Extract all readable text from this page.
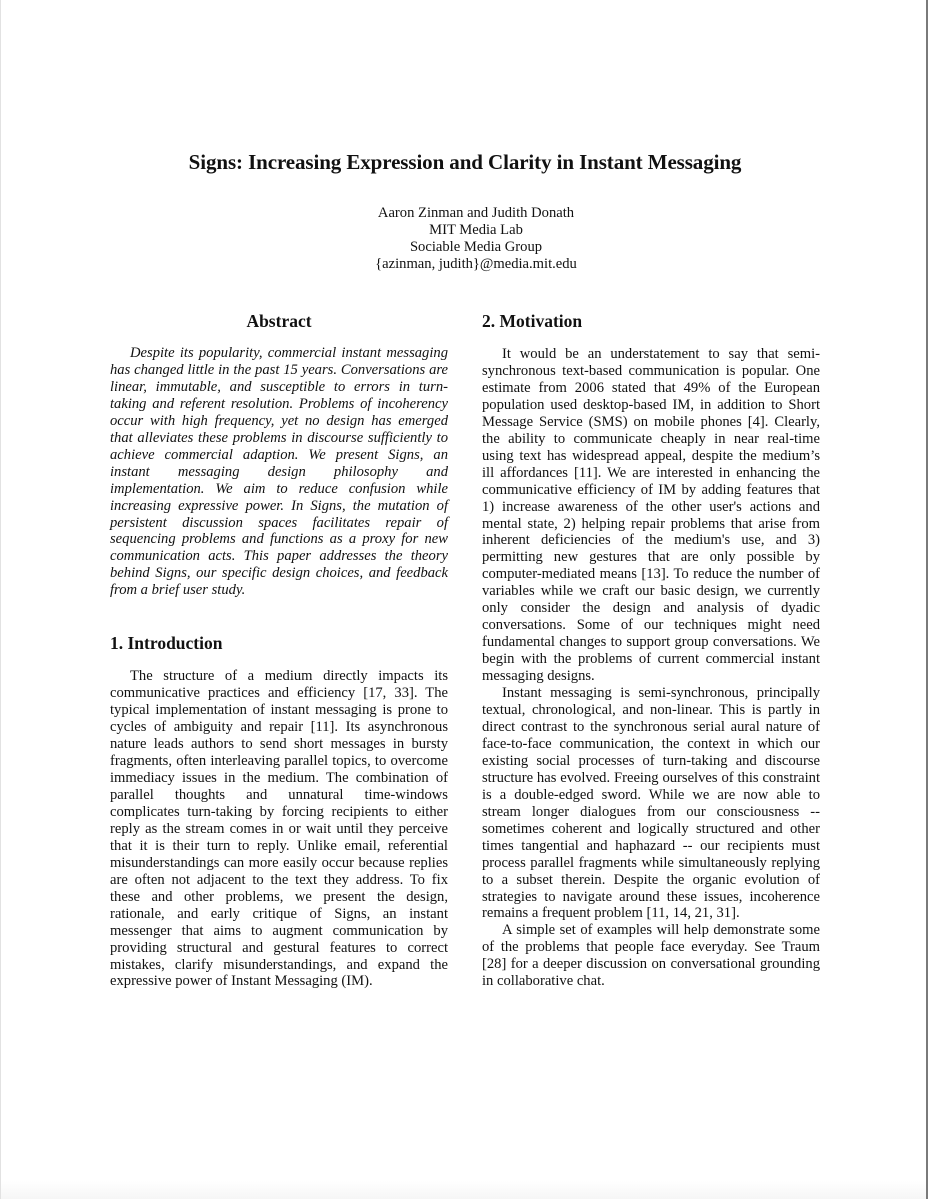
Signs: Increasing Expression and Clarity in Instant Messaging
Aaron Zinman and Judith Donath
MIT Media Lab
Sociable Media Group
{azinman, judith}@media.mit.edu
Abstract

Despite its popularity, commercial instant messaging has changed little in the past 15 years. Conversations are linear, immutable, and susceptible to errors in turn-taking and referent resolution. Problems of incoherency occur with high frequency, yet no design has emerged that alleviates these problems in discourse sufficiently to achieve commercial adaption. We present Signs, an instant messaging design philosophy and implementation. We aim to reduce confusion while increasing expressive power. In Signs, the mutation of persistent discussion spaces facilitates repair of sequencing problems and functions as a proxy for new communication acts. This paper addresses the theory behind Signs, our specific design choices, and feedback from a brief user study.

1. Introduction

The structure of a medium directly impacts its communicative practices and efficiency [17, 33]. The typical implementation of instant messaging is prone to cycles of ambiguity and repair [11]. Its asynchronous nature leads authors to send short messages in bursty fragments, often interleaving parallel topics, to overcome immediacy issues in the medium. The combination of parallel thoughts and unnatural time-windows complicates turn-taking by forcing recipients to either reply as the stream comes in or wait until they perceive that it is their turn to reply. Unlike email, referential misunderstandings can more easily occur because replies are often not adjacent to the text they address. To fix these and other problems, we present the design, rationale, and early critique of Signs, an instant messenger that aims to augment communication by providing structural and gestural features to correct mistakes, clarify misunderstandings, and expand the expressive power of Instant Messaging (IM).

2. Motivation

It would be an understatement to say that semi-synchronous text-based communication is popular. One estimate from 2006 stated that 49% of the European population used desktop-based IM, in addition to Short Message Service (SMS) on mobile phones [4]. Clearly, the ability to communicate cheaply in near real-time using text has widespread appeal, despite the medium’s ill affordances [11]. We are interested in enhancing the communicative efficiency of IM by adding features that 1) increase awareness of the other user's actions and mental state, 2) helping repair problems that arise from inherent deficiencies of the medium's use, and 3) permitting new gestures that are only possible by computer-mediated means [13]. To reduce the number of variables while we craft our basic design, we currently only consider the design and analysis of dyadic conversations. Some of our techniques might need fundamental changes to support group conversations. We begin with the problems of current commercial instant messaging designs.

Instant messaging is semi-synchronous, principally textual, chronological, and non-linear. This is partly in direct contrast to the synchronous serial aural nature of face-to-face communication, the context in which our existing social processes of turn-taking and discourse structure has evolved. Freeing ourselves of this constraint is a double-edged sword. While we are now able to stream longer dialogues from our consciousness -- sometimes coherent and logically structured and other times tangential and haphazard -- our recipients must process parallel fragments while simultaneously replying to a subset therein. Despite the organic evolution of strategies to navigate around these issues, incoherence remains a frequent problem [11, 14, 21, 31].

A simple set of examples will help demonstrate some of the problems that people face everyday. See Traum [28] for a deeper discussion on conversational grounding in collaborative chat.
